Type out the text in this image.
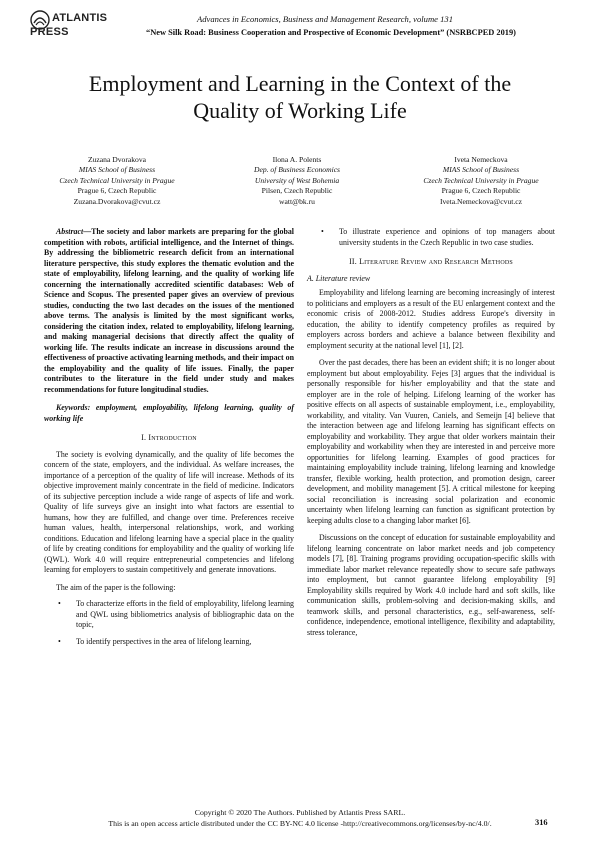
ATLANTIS
PRESS
Advances in Economics, Business and Management Research, volume 131
“New Silk Road: Business Cooperation and Prospective of Economic Development” (NSRBCPED 2019)
Employment and Learning in the Context of the
Quality of Working Life
Zuzana Dvorakova
MIAS School of Business
Czech Technical University in Prague
Prague 6, Czech Republic
Zuzana.Dvorakova@cvut.cz
Ilona A. Polents
Dep. of Business Economics
University of West Bohemia
Pilsen, Czech Republic
watt@bk.ru
Iveta Nemeckova
MIAS School of Business
Czech Technical University in Prague
Prague 6, Czech Republic
Iveta.Nemeckova@cvut.cz

Abstract—The society and labor markets are preparing for the global competition with robots, artificial intelligence, and the Internet of things. By addressing the bibliometric research deficit from an international literature perspective, this study explores the thematic evolution and the state of employability, lifelong learning, and the quality of working life concerning the internationally accredited scientific databases: Web of Science and Scopus. The presented paper gives an overview of previous studies, conducting the two last decades on the issues of the mentioned above terms. The analysis is limited by the most significant works, considering the citation index, related to employability, lifelong learning, and making managerial decisions that directly affect the quality of working life. The results indicate an increase in discussions around the effectiveness of proactive activating learning methods, and their impact on the employability and the quality of life issues. Finally, the paper contributes to the literature in the field under study and makes recommendations for future longitudinal studies.

Keywords: employment, employability, lifelong learning, quality of working life

I. Introduction

The society is evolving dynamically, and the quality of life becomes the concern of the state, employers, and the individual. As welfare increases, the importance of a perception of the quality of life will increase. Methods of its objective improvement mainly concentrate in the field of medicine. Indicators of its subjective perception include a wide range of aspects of life and work. Quality of life surveys give an insight into what factors are essential to humans, how they are fulfilled, and change over time. Preferences receive human values, health, interpersonal relationships, work, and working conditions. Education and lifelong learning have a special place in the quality of life by creating conditions for employability and the quality of working life (QWL). Work 4.0 will require entrepreneurial competencies and lifelong learning for employers to sustain competitively and generate innovations.

The aim of the paper is the following:

• To characterize efforts in the field of employability, lifelong learning and QWL using bibliometrics analysis of bibliographic data on the topic,
• To identify perspectives in the area of lifelong learning,
• To illustrate experience and opinions of top managers about university students in the Czech Republic in two case studies.
II. Literature Review and Research Methods
A. Literature review

Employability and lifelong learning are becoming increasingly of interest to politicians and employers as a result of the EU enlargement context and the economic crisis of 2008-2012. Studies address Europe's diversity in education, the ability to identify competency profiles as required by employers across borders and achieve a balance between flexibility and employment security at the national level [1], [2].

Over the past decades, there has been an evident shift; it is no longer about employment but about employability. Fejes [3] argues that the individual is personally responsible for his/her employability and that the state and employer are in the role of helping. Lifelong learning of the worker has positive effects on all aspects of sustainable employment, i.e., employability, workability, and vitality. Van Vuuren, Caniels, and Semeijn [4] believe that the interaction between age and lifelong learning has significant effects on employability and workability. They argue that older workers maintain their employability and workability when they are interested in and perceive more opportunities for lifelong learning. Examples of good practices for maintaining employability include training, lifelong learning and knowledge transfer, flexible working, health protection, and promotion design, career development, and mobility management [5]. A critical milestone for keeping social reconciliation is increasing social polarization and economic uncertainty when lifelong learning can function as significant protection by keeping adults close to a changing labor market [6].

Discussions on the concept of education for sustainable employability and lifelong learning concentrate on labor market needs and job competency models [7], [8]. Training programs providing occupation-specific skills with immediate labor market relevance repeatedly show to secure safe pathways into employment, but cannot guarantee lifelong employability [9] Employability skills required by Work 4.0 include hard and soft skills, like communication skills, problem-solving and decision-making skills, and teamwork skills, and personal characteristics, e.g., self-awareness, self-confidence, independence, emotional intelligence, flexibility and adaptability, stress tolerance,

Copyright © 2020 The Authors. Published by Atlantis Press SARL.
This is an open access article distributed under the CC BY-NC 4.0 license -http://creativecommons.org/licenses/by-nc/4.0/.	316
